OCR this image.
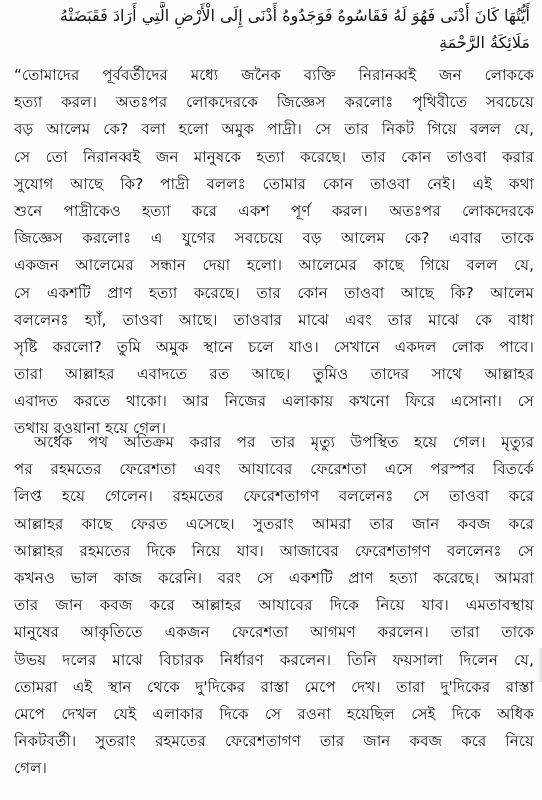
أَيُّتُهَا كَانَ أَدْنَى فَهُوَ لَهُ فَقَاسُوهُ فَوَجَدُوهُ أَدْنَى إِلَى الْأَرْضِ الَّتِي أَرَادَ فَقَبَضَتْهُ
مَلَائِكَةُ الرَّحْمَةِ
“তোমাদের পূর্ববর্তীদের মধ্যে জনৈক ব্যক্তি নিরানব্বই জন লোককে
হত্যা করল। অতঃপর লোকদেরকে জিজ্ঞেস করলোঃ পৃথিবীতে সবচেয়ে
বড় আলেম কে? বলা হলো অমুক পাদ্রী। সে তার নিকট গিয়ে বলল যে,
সে তো নিরানব্বই জন মানুষকে হত্যা করেছে। তার কোন তাওবা করার
সুযোগ আছে কি? পাদ্রী বললঃ তোমার কোন তাওবা নেই। এই কথা
শুনে পাদ্রীকেও হত্যা করে একশ পূর্ণ করল। অতঃপর লোকদেরকে
জিজ্ঞেস করলোঃ এ যুগের সবচেয়ে বড় আলেম কে? এবার তাকে
একজন আলেমের সন্ধান দেয়া হলো। আলেমের কাছে গিয়ে বলল যে,
সে একশটি প্রাণ হত্যা করেছে। তার কোন তাওবা আছে কি? আলেম
বললেনঃ হ্যাঁ, তাওবা আছে। তাওবার মাঝে এবং তার মাঝে কে বাধা
সৃষ্টি করলো? তুমি অমুক স্থানে চলে যাও। সেখানে একদল লোক পাবে।
তারা আল্লাহর এবাদতে রত আছে। তুমিও তাদের সাথে আল্লাহর
এবাদত করতে থাকো। আর নিজের এলাকায় কখনো ফিরে এসোনা। সে
তথায় রওয়ানা হয়ে গেল।
অর্ধেক পথ অতিক্রম করার পর তার মৃত্যু উপস্থিত হয়ে গেল। মৃত্যুর
পর রহমতের ফেরেশতা এবং আযাবের ফেরেশতা এসে পরস্পর বিতর্কে
লিপ্ত হয়ে গেলেন। রহমতের ফেরেশতাগণ বললেনঃ সে তাওবা করে
আল্লাহর কাছে ফেরত এসেছে। সুতরাং আমরা তার জান কবজ করে
আল্লাহর রহমতের দিকে নিয়ে যাব। আজাবের ফেরেশতাগণ বললেনঃ সে
কখনও ভাল কাজ করেনি। বরং সে একশটি প্রাণ হত্যা করেছে। আমরা
তার জান কবজ করে আল্লাহর আযাবের দিকে নিয়ে যাব। এমতাবস্থায়
মানুষের আকৃতিতে একজন ফেরেশতা আগমণ করলেন। তারা তাকে
উভয় দলের মাঝে বিচারক নির্ধারণ করলেন। তিনি ফয়সালা দিলেন যে,
তোমরা এই স্থান থেকে দু'দিকের রাস্তা মেপে দেখ। তারা দু'দিকের রাস্তা
মেপে দেখল যেই এলাকার দিকে সে রওনা হয়েছিল সেই দিকে অধিক
নিকটবর্তী। সুতরাং রহমতের ফেরেশতাগণ তার জান কবজ করে নিয়ে
গেল।
